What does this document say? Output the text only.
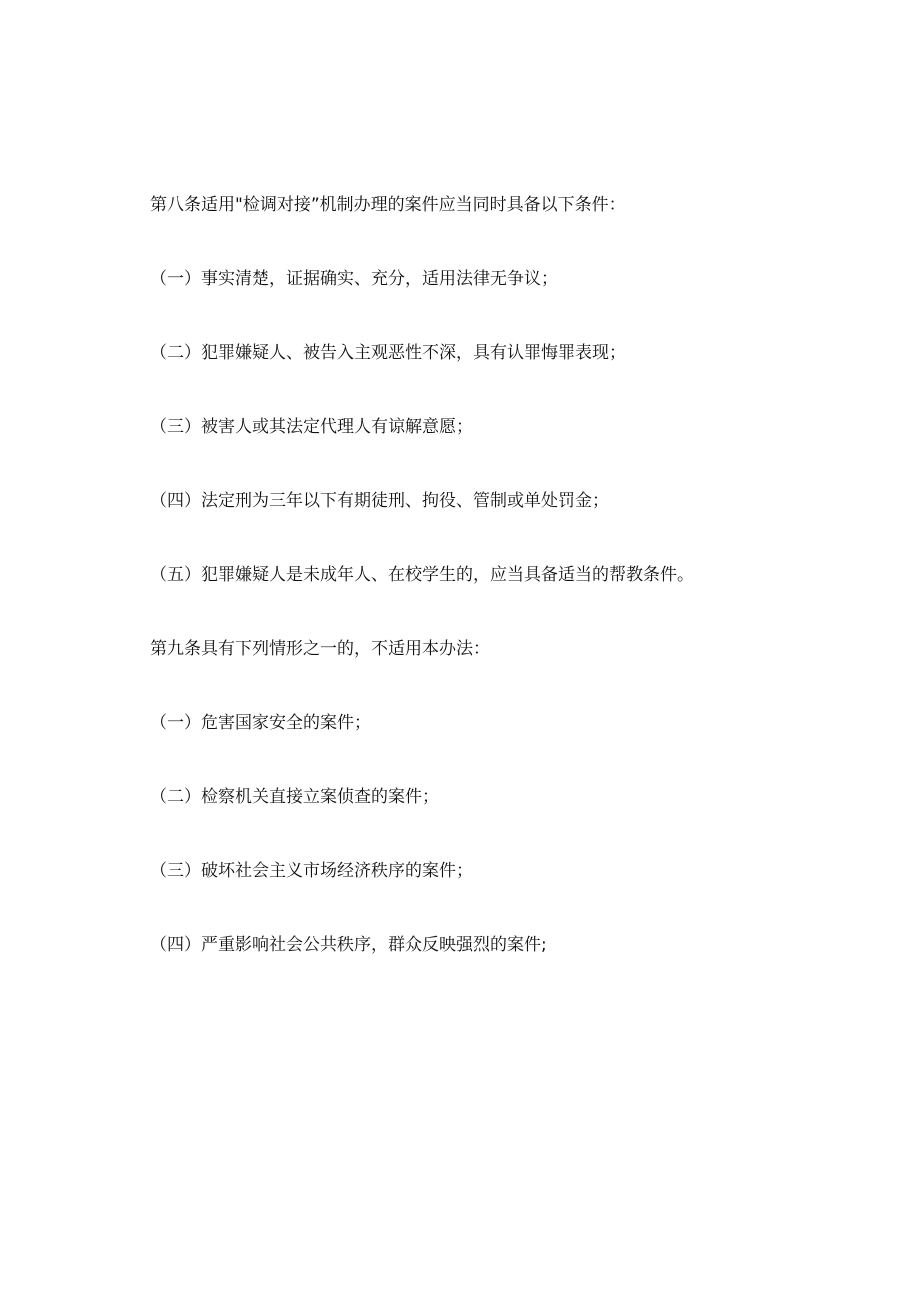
第八条适用"检调对接”机制办理的案件应当同时具备以下条件：
（一）事实清楚，证据确实、充分，适用法律无争议；
（二）犯罪嫌疑人、被告入主观恶性不深，具有认罪悔罪表现；
（三）被害人或其法定代理人有谅解意愿；
（四）法定刑为三年以下有期徒刑、拘役、管制或单处罚金；
（五）犯罪嫌疑人是未成年人、在校学生的，应当具备适当的帮教条件。
第九条具有下列情形之一的，不适用本办法：
（一）危害国家安全的案件；
（二）检察机关直接立案侦查的案件；
（三）破坏社会主义市场经济秩序的案件；
（四）严重影响社会公共秩序，群众反映强烈的案件;
